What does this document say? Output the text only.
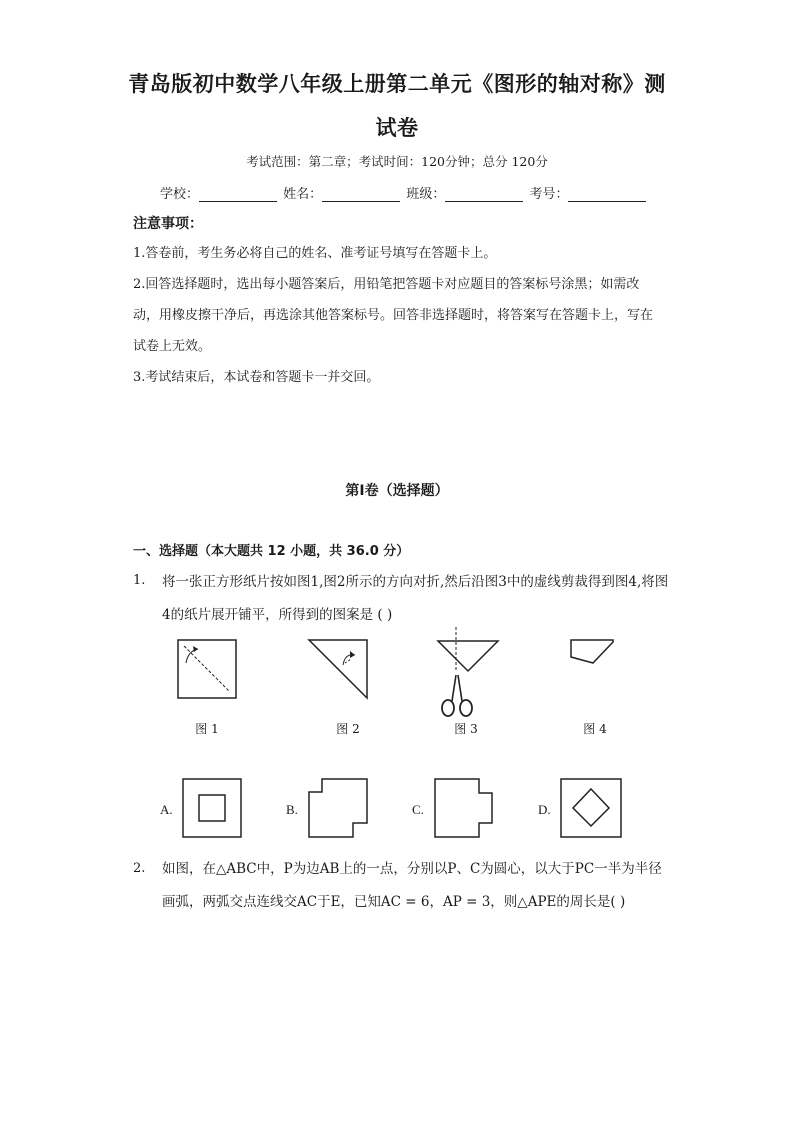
青岛版初中数学八年级上册第二单元《图形的轴对称》测
试卷
考试范围：第二章；考试时间：120分钟；总分 120分
学校：	姓名：	班级：	考号：
注意事项：
1.答卷前，考生务必将自己的姓名、准考证号填写在答题卡上。
2.回答选择题时，选出每小题答案后，用铅笔把答题卡对应题目的答案标号涂黑；如需改动，用橡皮擦干净后，再选涂其他答案标号。回答非选择题时，将答案写在答题卡上，写在试卷上无效。
3.考试结束后，本试卷和答题卡一并交回。
第Ⅰ卷（选择题）
一、选择题（本大题共 12 小题，共 36.0 分）
1. 将一张正方形纸片按如图1,图2所示的方向对折,然后沿图3中的虚线剪裁得到图4,将图4的纸片展开铺平，所得到的图案是 ( )
图 1	图 2	图 3	图 4
A.	B.	C.	D.
2. 如图，在△ABC中，P为边AB上的一点，分别以P、C为圆心，以大于PC一半为半径画弧，两弧交点连线交AC于E，已知AC = 6，AP = 3，则△APE的周长是( )
